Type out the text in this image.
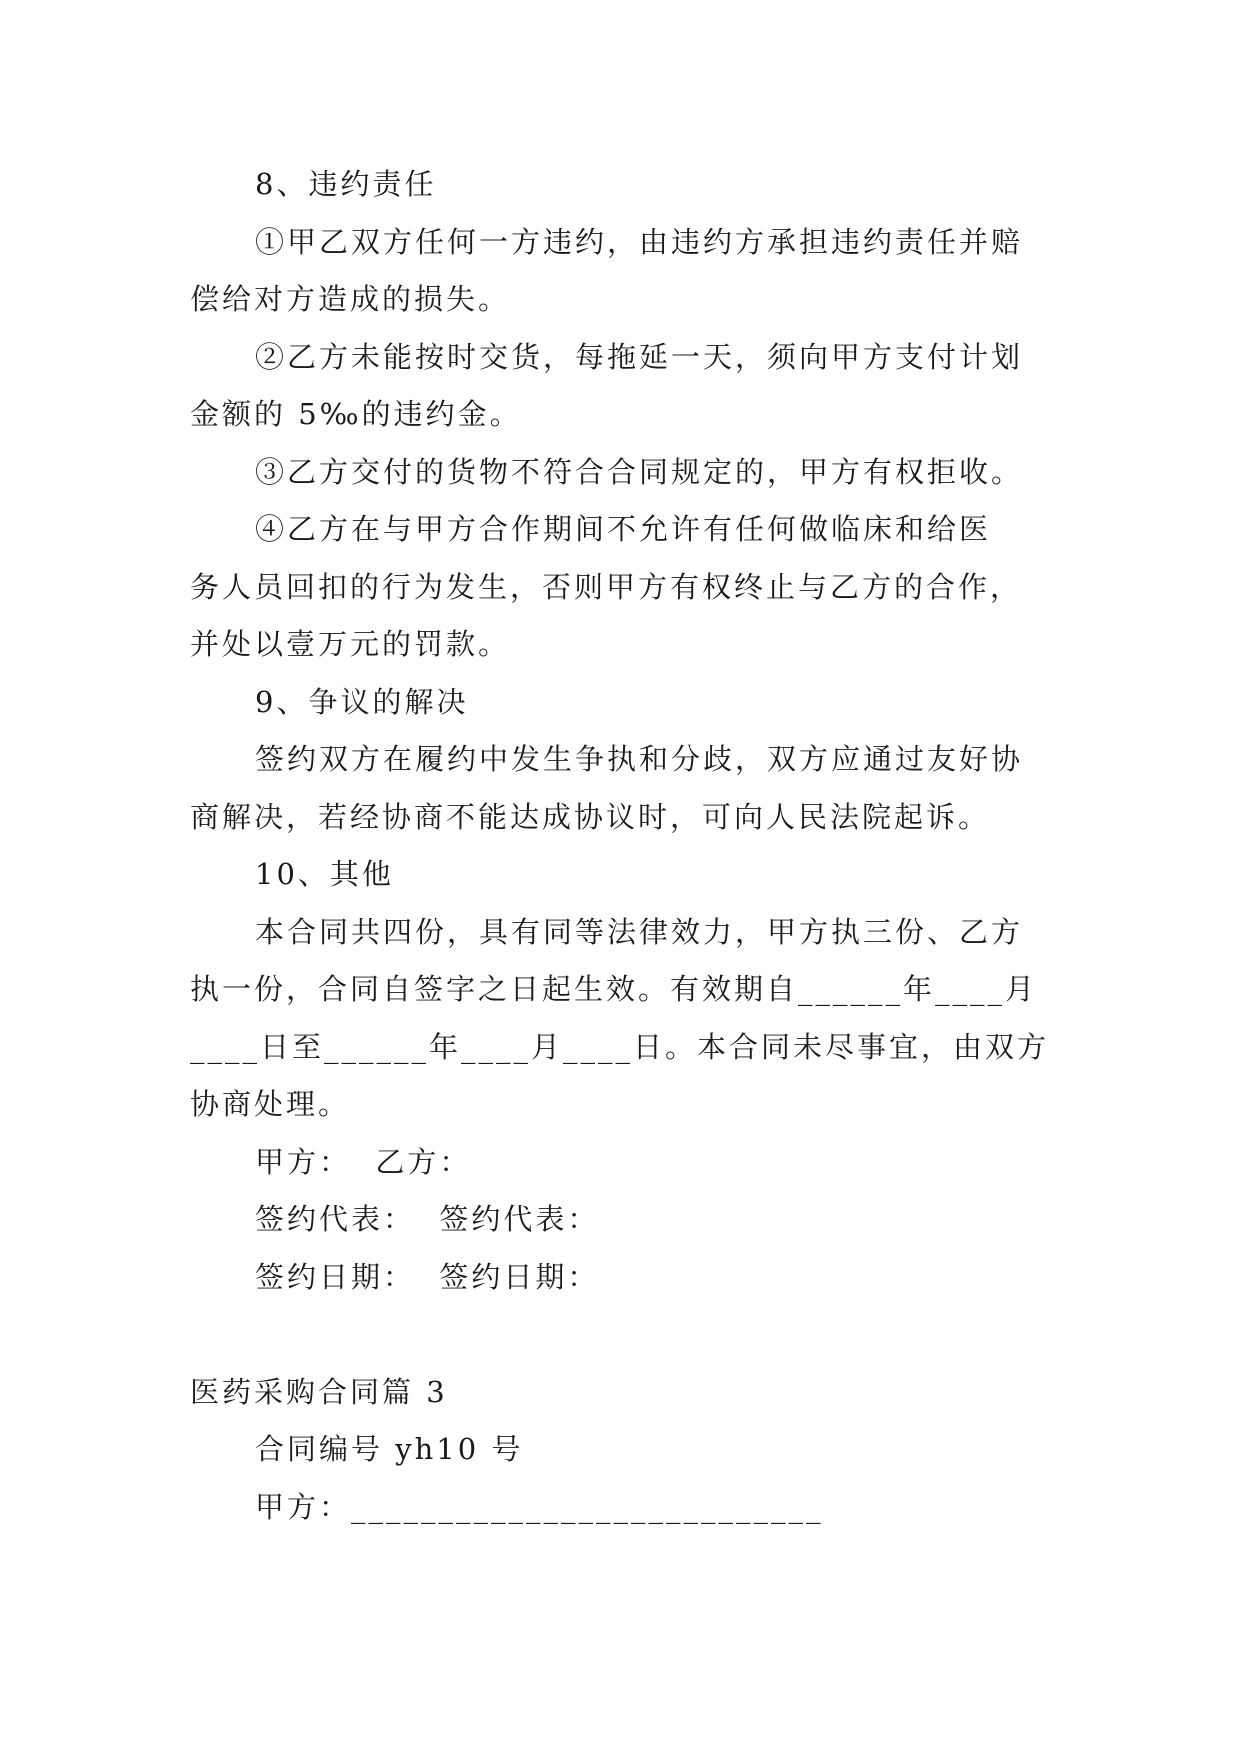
8、违约责任
①甲乙双方任何一方违约，由违约方承担违约责任并赔
偿给对方造成的损失。
②乙方未能按时交货，每拖延一天，须向甲方支付计划
金额的 5‰的违约金。
③乙方交付的货物不符合合同规定的，甲方有权拒收。
④乙方在与甲方合作期间不允许有任何做临床和给医
务人员回扣的行为发生，否则甲方有权终止与乙方的合作，
并处以壹万元的罚款。
9、争议的解决
签约双方在履约中发生争执和分歧，双方应通过友好协
商解决，若经协商不能达成协议时，可向人民法院起诉。
10、其他
本合同共四份，具有同等法律效力，甲方执三份、乙方
执一份，合同自签字之日起生效。有效期自______年____月
____日至______年____月____日。本合同未尽事宜，由双方
协商处理。
甲方：  乙方：
签约代表：  签约代表：
签约日期：  签约日期：
医药采购合同篇 3
合同编号 yh10 号
甲方：___________________________
